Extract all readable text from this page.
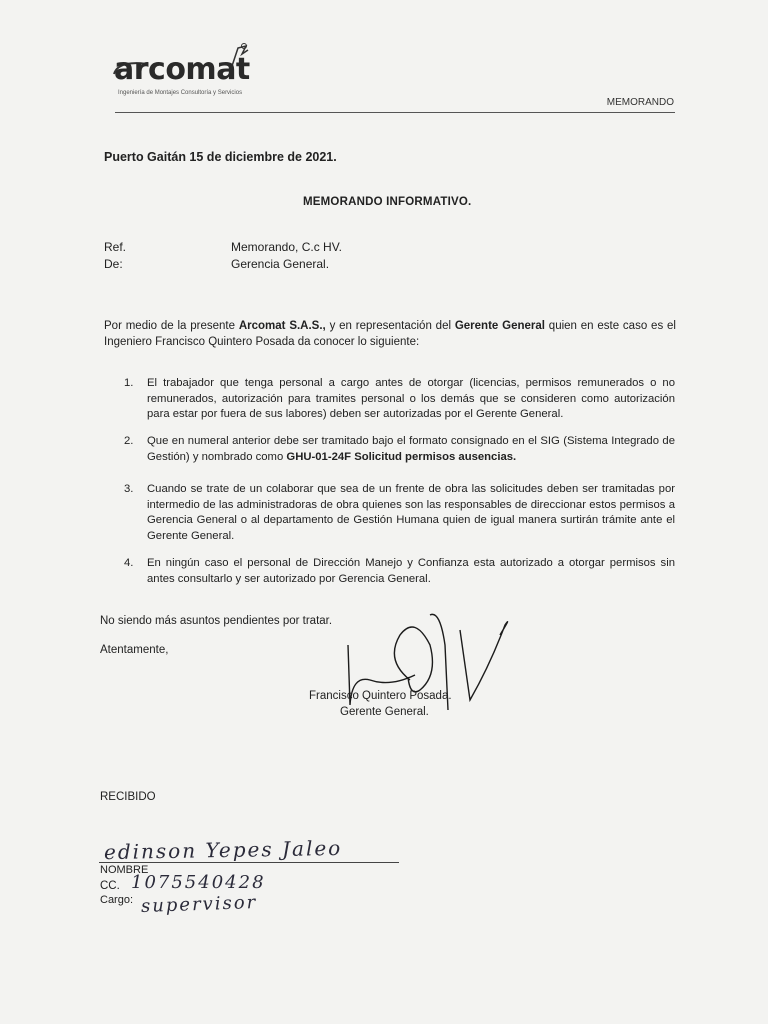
arcomat
Ingeniería de Montajes Consultoría y Servicios
MEMORANDO
Puerto Gaitán 15 de diciembre de 2021.
MEMORANDO INFORMATIVO.
Ref.	Memorando, C.c HV.
De:	Gerencia General.
Por medio de la presente Arcomat S.A.S., y en representación del Gerente General quien en este caso es el Ingeniero Francisco Quintero Posada da conocer lo siguiente:
1. El trabajador que tenga personal a cargo antes de otorgar (licencias, permisos remunerados o no remunerados, autorización para tramites personal o los demás que se consideren como autorización para estar por fuera de sus labores) deben ser autorizadas por el Gerente General.
2. Que en numeral anterior debe ser tramitado bajo el formato consignado en el SIG (Sistema Integrado de Gestión) y nombrado como GHU-01-24F Solicitud permisos ausencias.
3. Cuando se trate de un colaborar que sea de un frente de obra las solicitudes deben ser tramitadas por intermedio de las administradoras de obra quienes son las responsables de direccionar estos permisos a Gerencia General o al departamento de Gestión Humana quien de igual manera surtirán trámite ante el Gerente General.
4. En ningún caso el personal de Dirección Manejo y Confianza esta autorizado a otorgar permisos sin antes consultarlo y ser autorizado por Gerencia General.
No siendo más asuntos pendientes por tratar.
Atentamente,
Francisco Quintero Posada.
Gerente General.
RECIBIDO
edinson Yepes Jaleo
NOMBRE
CC. 1075540428
Cargo: supervisor
